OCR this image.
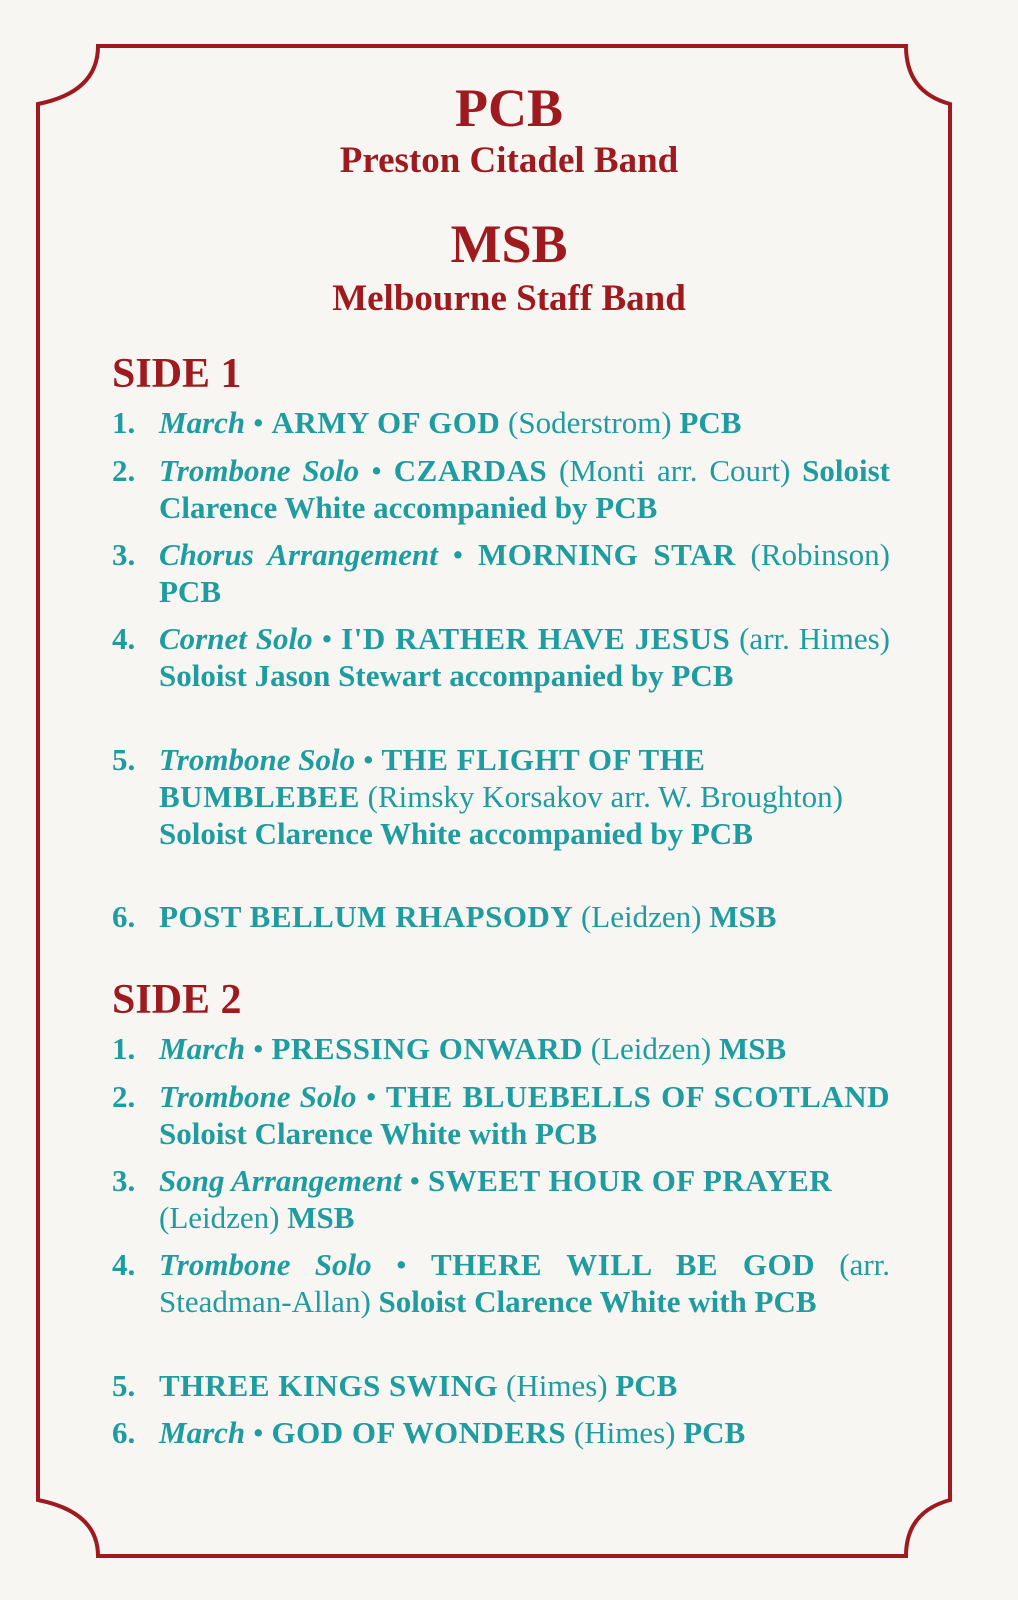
PCB
Preston Citadel Band
MSB
Melbourne Staff Band
SIDE 1
1. March • ARMY OF GOD (Soderstrom) PCB
2. Trombone Solo • CZARDAS (Monti arr. Court) Soloist Clarence White accompanied by PCB
3. Chorus Arrangement • MORNING STAR (Robinson) PCB
4. Cornet Solo • I'D RATHER HAVE JESUS (arr. Himes) Soloist Jason Stewart accompanied by PCB
5. Trombone Solo • THE FLIGHT OF THE BUMBLEBEE (Rimsky Korsakov arr. W. Broughton) Soloist Clarence White accompanied by PCB
6. POST BELLUM RHAPSODY (Leidzen) MSB
SIDE 2
1. March • PRESSING ONWARD (Leidzen) MSB
2. Trombone Solo • THE BLUEBELLS OF SCOTLAND Soloist Clarence White with PCB
3. Song Arrangement • SWEET HOUR OF PRAYER (Leidzen) MSB
4. Trombone Solo • THERE WILL BE GOD (arr. Steadman-Allan) Soloist Clarence White with PCB
5. THREE KINGS SWING (Himes) PCB
6. March • GOD OF WONDERS (Himes) PCB
